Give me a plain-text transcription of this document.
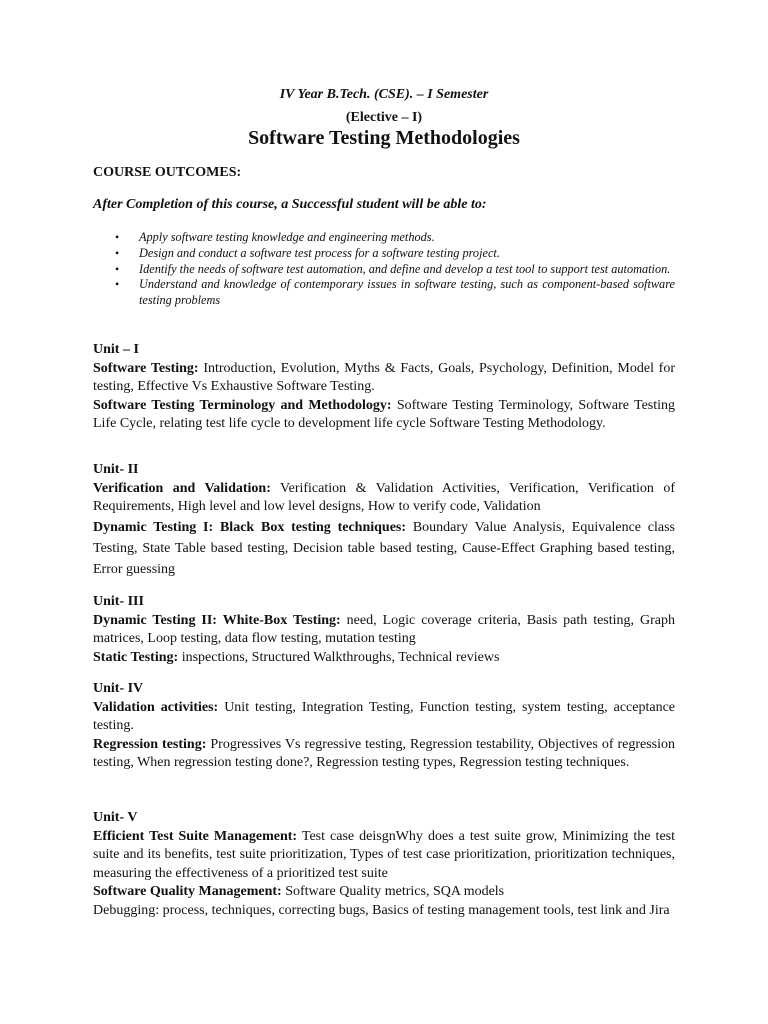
IV Year B.Tech. (CSE). – I Semester
(Elective – I)
Software Testing Methodologies
COURSE OUTCOMES:
After Completion of this course, a Successful student will be able to:
• Apply software testing knowledge and engineering methods.
• Design and conduct a software test process for a software testing project.
• Identify the needs of software test automation, and define and develop a test tool to support test automation.
• Understand and knowledge of contemporary issues in software testing, such as component-based software testing problems
Unit – I

Software Testing: Introduction, Evolution, Myths & Facts, Goals, Psychology, Definition, Model for testing, Effective Vs Exhaustive Software Testing.

Software Testing Terminology and Methodology: Software Testing Terminology, Software Testing Life Cycle, relating test life cycle to development life cycle Software Testing Methodology.

Unit- II

Verification and Validation: Verification & Validation Activities, Verification, Verification of Requirements, High level and low level designs, How to verify code, Validation

Dynamic Testing I: Black Box testing techniques: Boundary Value Analysis, Equivalence class Testing, State Table based testing, Decision table based testing, Cause-Effect Graphing based testing, Error guessing

Unit- III

Dynamic Testing II: White-Box Testing: need, Logic coverage criteria, Basis path testing, Graph matrices, Loop testing, data flow testing, mutation testing

Static Testing: inspections, Structured Walkthroughs, Technical reviews

Unit- IV

Validation activities: Unit testing, Integration Testing, Function testing, system testing, acceptance testing.

Regression testing: Progressives Vs regressive testing, Regression testability, Objectives of regression testing, When regression testing done?, Regression testing types, Regression testing techniques.

Unit- V

Efficient Test Suite Management: Test case deisgnWhy does a test suite grow, Minimizing the test suite and its benefits, test suite prioritization, Types of test case prioritization, prioritization techniques, measuring the effectiveness of a prioritized test suite

Software Quality Management: Software Quality metrics, SQA models

Debugging: process, techniques, correcting bugs, Basics of testing management tools, test link and Jira
